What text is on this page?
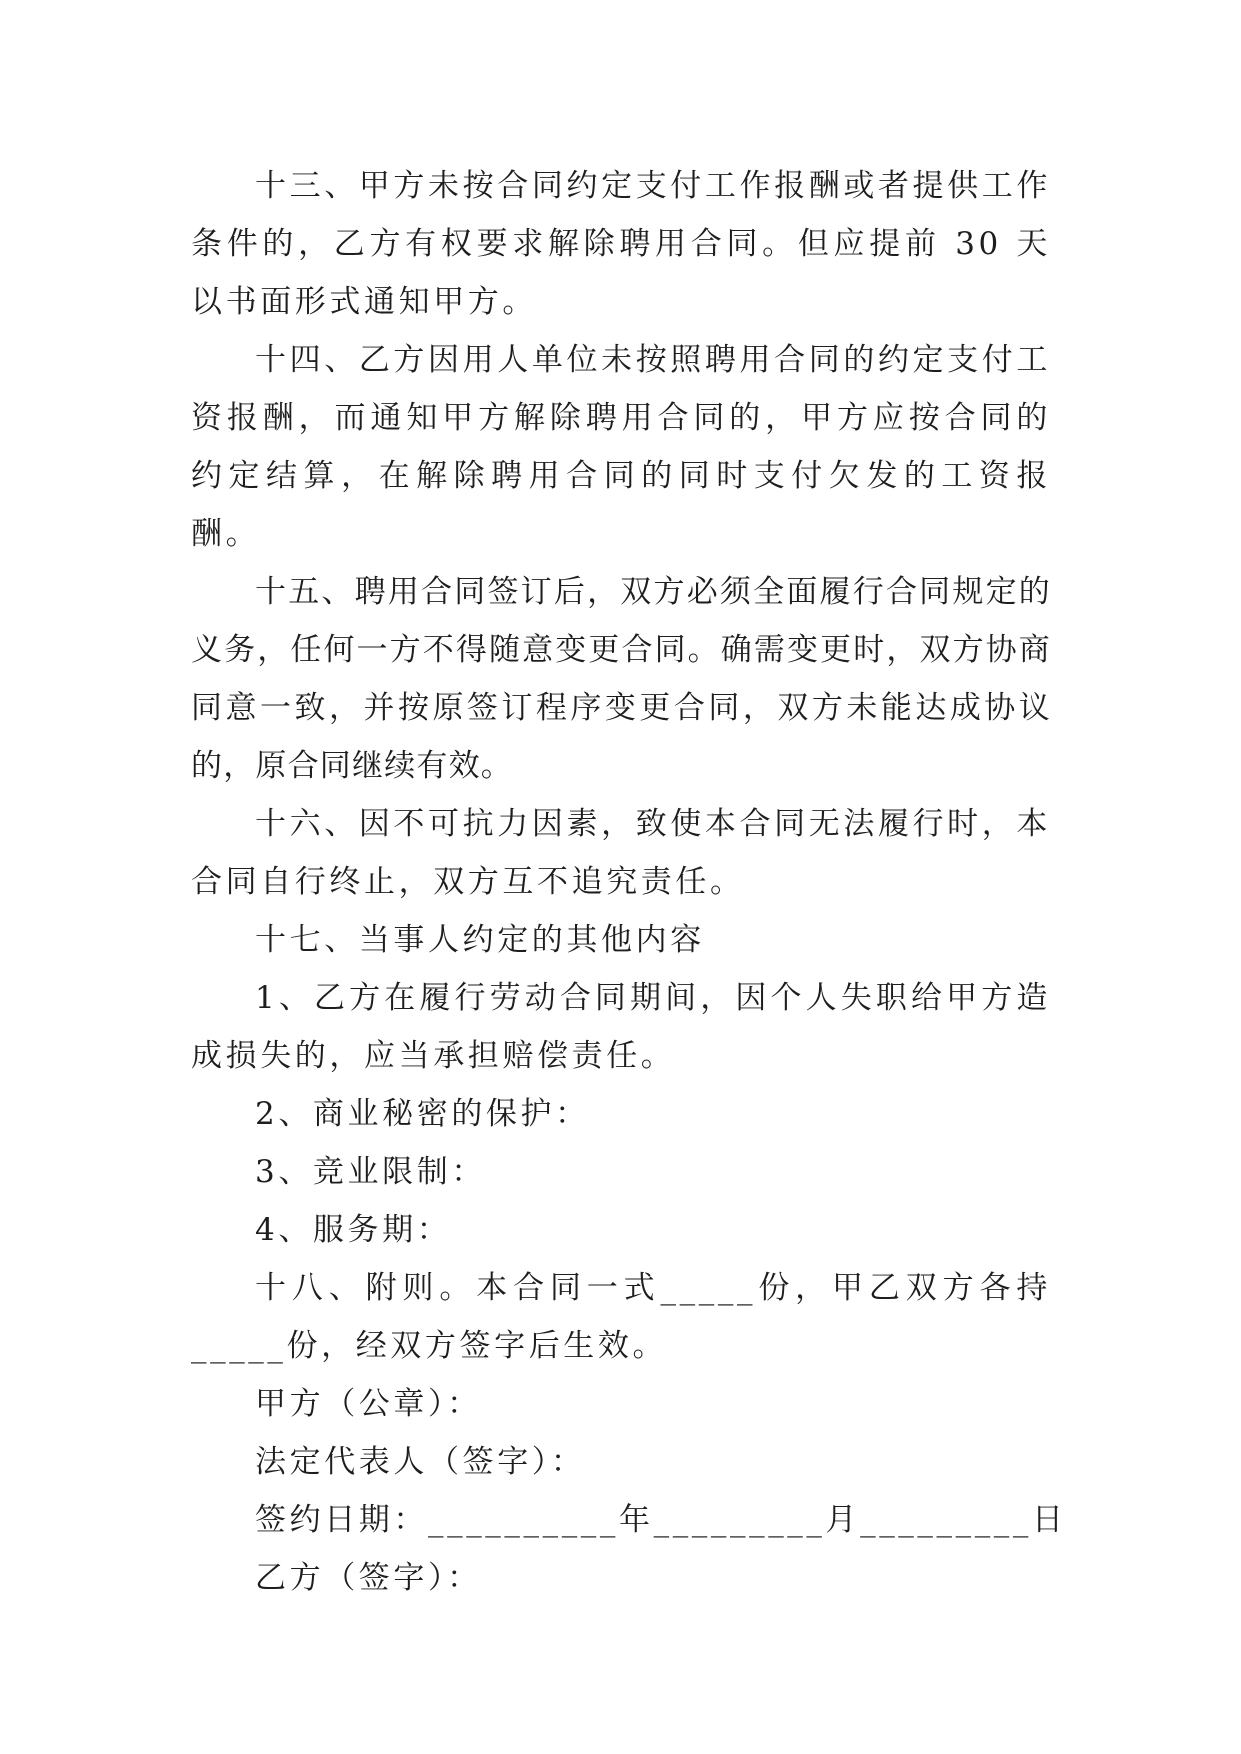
十三、甲方未按合同约定支付工作报酬或者提供工作条件的，乙方有权要求解除聘用合同。但应提前 30 天以书面形式通知甲方。

十四、乙方因用人单位未按照聘用合同的约定支付工资报酬，而通知甲方解除聘用合同的，甲方应按合同的约定结算，在解除聘用合同的同时支付欠发的工资报酬。

十五、聘用合同签订后，双方必须全面履行合同规定的义务，任何一方不得随意变更合同。确需变更时，双方协商同意一致，并按原签订程序变更合同，双方未能达成协议的，原合同继续有效。

十六、因不可抗力因素，致使本合同无法履行时，本合同自行终止，双方互不追究责任。

十七、当事人约定的其他内容

1、乙方在履行劳动合同期间，因个人失职给甲方造成损失的，应当承担赔偿责任。

2、商业秘密的保护：

3、竞业限制：

4、服务期：

十八、附则。本合同一式_____份，甲乙双方各持_____份，经双方签字后生效。

甲方（公章）：

法定代表人（签字）：

签约日期：__________年_________月_________日

乙方（签字）：
